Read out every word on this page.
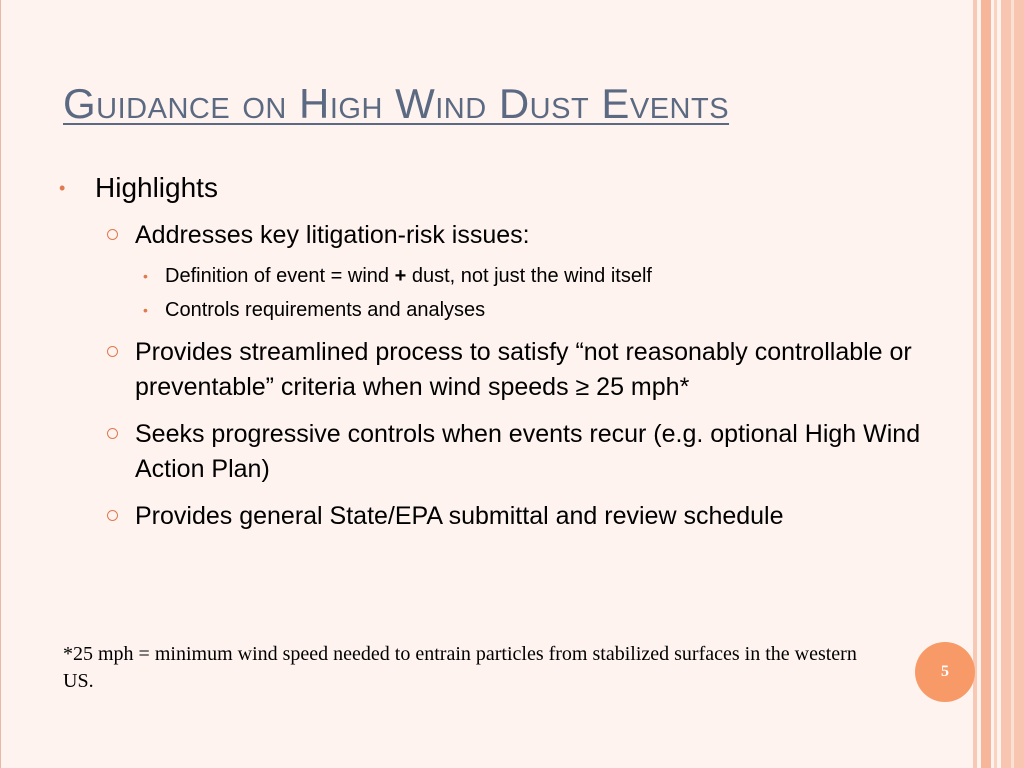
Guidance on High Wind Dust Events
• Highlights
Addresses key litigation-risk issues:
• Definition of event = wind + dust, not just the wind itself
• Controls requirements and analyses
Provides streamlined process to satisfy “not reasonably controllable or preventable” criteria when wind speeds ≥ 25 mph*
Seeks progressive controls when events recur (e.g. optional High Wind Action Plan)
Provides general State/EPA submittal and review schedule
*25 mph = minimum wind speed needed to entrain particles from stabilized surfaces in the western US.	5
